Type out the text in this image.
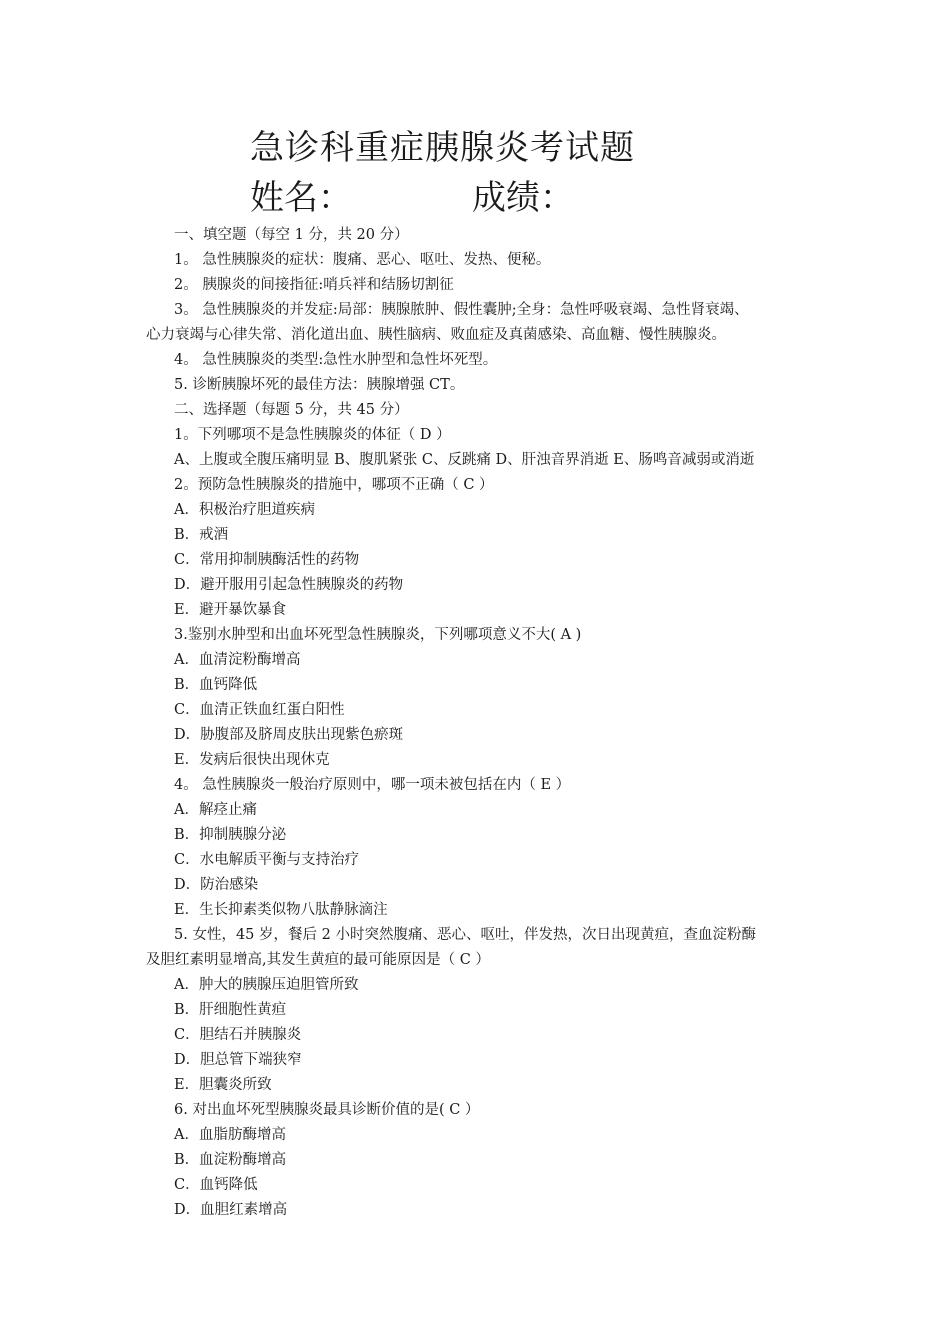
急诊科重症胰腺炎考试题
姓名：	成绩：
一、填空题（每空 1 分，共 20 分）
1。 急性胰腺炎的症状：腹痛、恶心、呕吐、发热、便秘。
2。 胰腺炎的间接指征:哨兵袢和结肠切割征
3。 急性胰腺炎的并发症:局部：胰腺脓肿、假性囊肿;全身：急性呼吸衰竭、急性肾衰竭、
心力衰竭与心律失常、消化道出血、胰性脑病、败血症及真菌感染、高血糖、慢性胰腺炎。
4。 急性胰腺炎的类型:急性水肿型和急性坏死型。
5. 诊断胰腺坏死的最佳方法：胰腺增强 CT。
二、选择题（每题 5 分，共 45 分）
1。下列哪项不是急性胰腺炎的体征（ D ）
A、上腹或全腹压痛明显 B、腹肌紧张 C、反跳痛 D、肝浊音界消逝 E、肠鸣音减弱或消逝
2。预防急性胰腺炎的措施中，哪项不正确（ C ）
A．积极治疗胆道疾病
B．戒酒
C．常用抑制胰酶活性的药物
D．避开服用引起急性胰腺炎的药物
E．避开暴饮暴食
3.鉴别水肿型和出血坏死型急性胰腺炎，下列哪项意义不大( A )
A．血清淀粉酶增高
B．血钙降低
C．血清正铁血红蛋白阳性
D．胁腹部及脐周皮肤出现紫色瘀斑
E．发病后很快出现休克
4。 急性胰腺炎一般治疗原则中，哪一项未被包括在内（ E ）
A．解痉止痛
B．抑制胰腺分泌
C．水电解质平衡与支持治疗
D．防治感染
E．生长抑素类似物八肽静脉滴注
5. 女性，45 岁，餐后 2 小时突然腹痛、恶心、呕吐，伴发热，次日出现黄疸，查血淀粉酶
及胆红素明显增高,其发生黄疸的最可能原因是（ C ）
A．肿大的胰腺压迫胆管所致
B．肝细胞性黄疸
C．胆结石并胰腺炎
D．胆总管下端狭窄
E．胆囊炎所致
6. 对出血坏死型胰腺炎最具诊断价值的是( C ）
A．血脂肪酶增高
B．血淀粉酶增高
C．血钙降低
D．血胆红素增高
